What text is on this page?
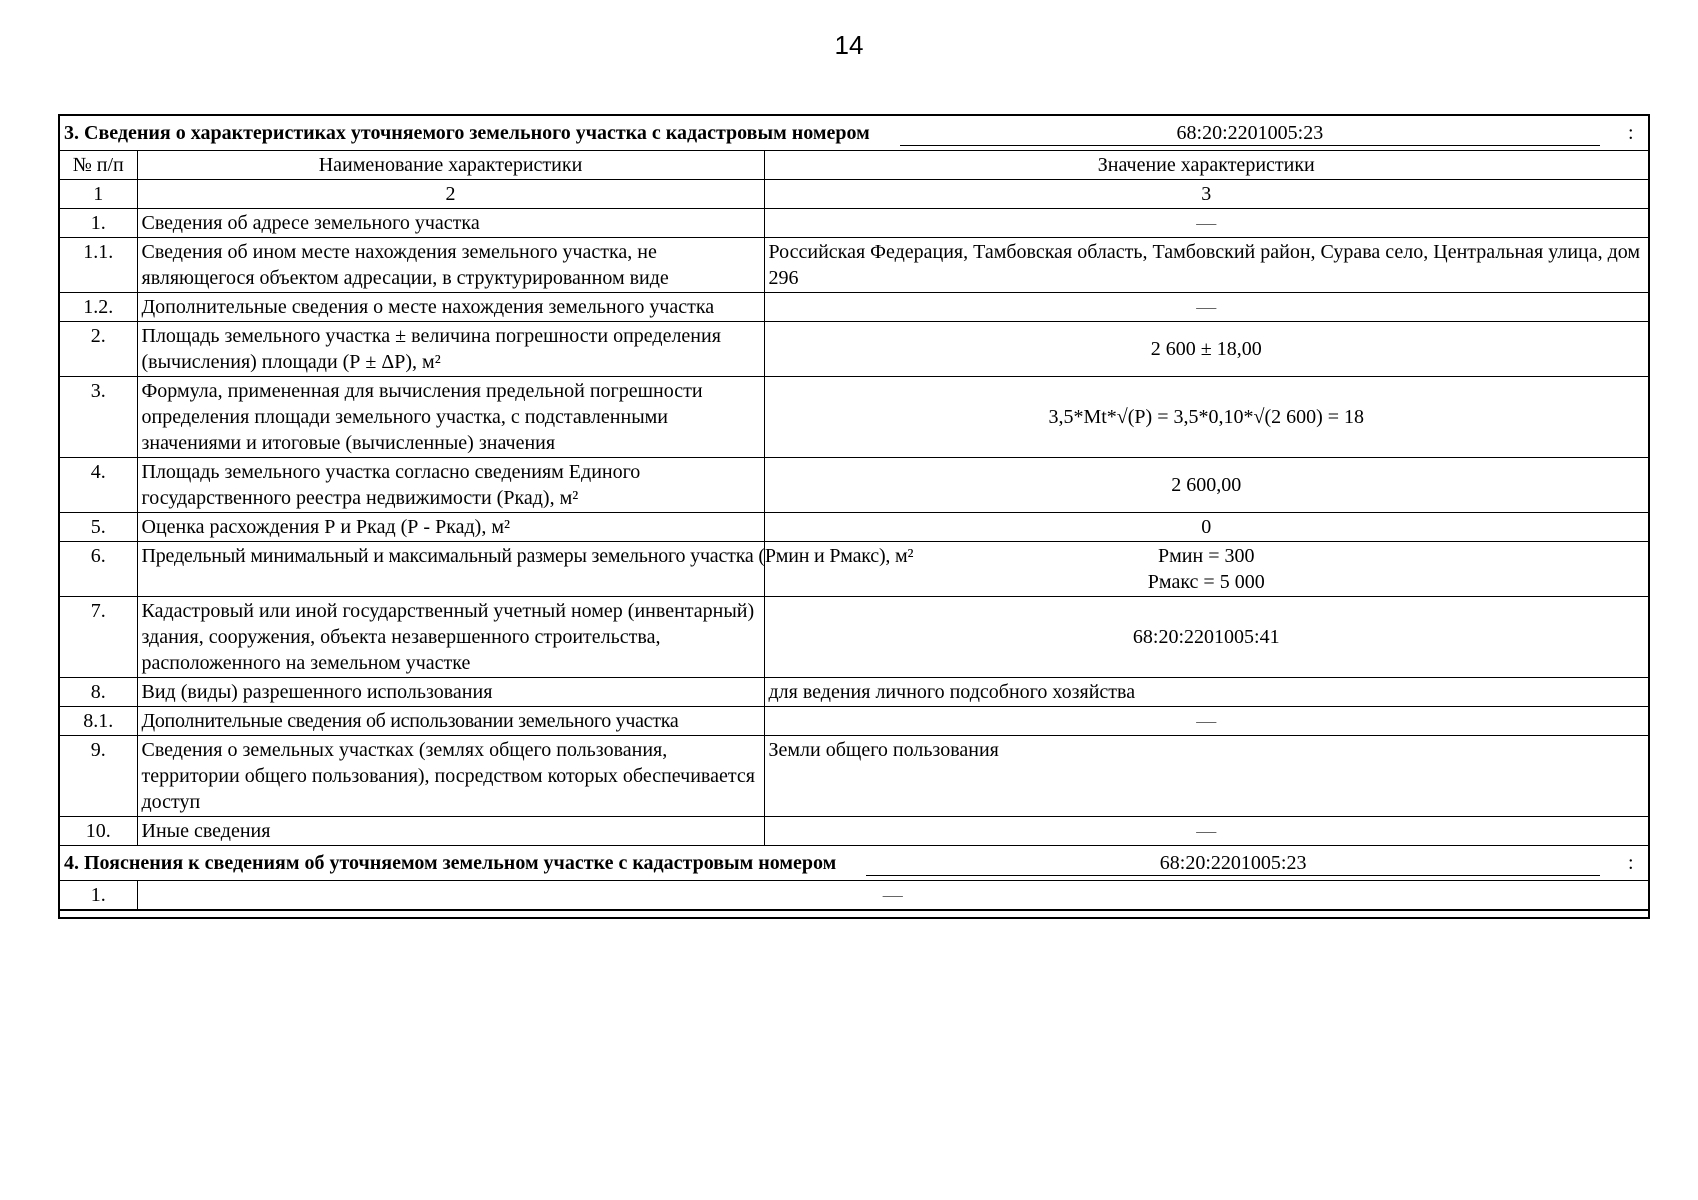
14
3. Сведения о характеристиках уточняемого земельного участка с кадастровым номером 68:20:2201005:23 :		

№ п/п	Наименование характеристики	Значение характеристики
1	2	3
1.	Сведения об адресе земельного участка	—
1.1.	Сведения об ином месте нахождения земельного участка, не являющегося объектом адресации, в структурированном виде	Российская Федерация, Тамбовская область, Тамбовский район, Сурава село, Центральная улица, дом 296
1.2.	Дополнительные сведения о месте нахождения земельного участка	—
2.	Площадь земельного участка ± величина погрешности определения (вычисления) площади (Р ± ΔР), м²	2 600 ± 18,00
3.	Формула, примененная для вычисления предельной погрешности определения площади земельного участка, с подставленными значениями и итоговые (вычисленные) значения	3,5*Mt*√(P) = 3,5*0,10*√(2 600) = 18
4.	Площадь земельного участка согласно сведениям Единого государственного реестра недвижимости (Ркад), м²	2 600,00
5.	Оценка расхождения Р и Ркад (Р - Ркад), м²	0
6.	Предельный минимальный и максимальный размеры земельного участка (Рмин и Рмакс), м²	Рмин = 300
Рмакс = 5 000

7.	Кадастровый или иной государственный учетный номер (инвентарный) здания, сооружения, объекта незавершенного строительства, расположенного на земельном участке	68:20:2201005:41
8.	Вид (виды) разрешенного использования	для ведения личного подсобного хозяйства
8.1.	Дополнительные сведения об использовании земельного участка	—
9.	Сведения о земельных участках (землях общего пользования, территории общего пользования), посредством которых обеспечивается доступ	Земли общего пользования
10.	Иные сведения	—
4. Пояснения к сведениям об уточняемом земельном участке с кадастровым номером	68:20:2201005:23	:

1.	—
